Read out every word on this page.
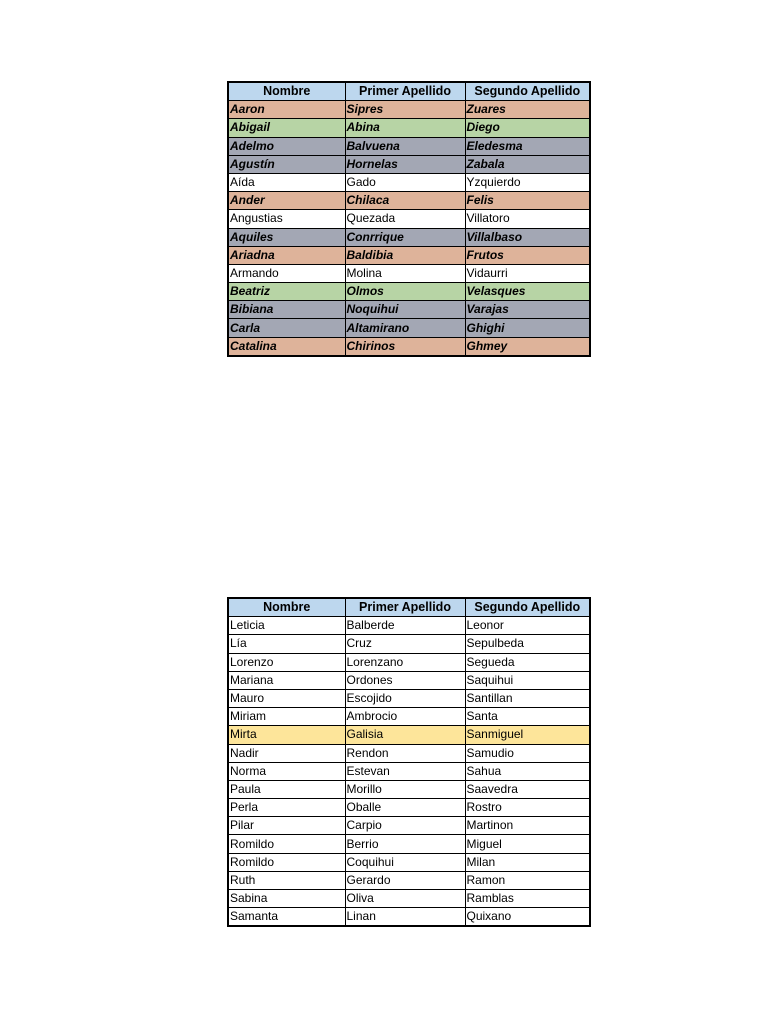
Nombre	Primer Apellido	Segundo Apellido
Aaron	Sipres	Zuares
Abigail	Abina	Diego
Adelmo	Balvuena	Eledesma
Agustín	Hornelas	Zabala
Aída	Gado	Yzquierdo
Ander	Chilaca	Felis
Angustias	Quezada	Villatoro
Aquiles	Conrrique	Villalbaso
Ariadna	Baldibia	Frutos
Armando	Molina	Vidaurri
Beatriz	Olmos	Velasques
Bibiana	Noquihui	Varajas
Carla	Altamirano	Ghighi
Catalina	Chirinos	Ghmey
Nombre	Primer Apellido	Segundo Apellido
Leticia	Balberde	Leonor
Lía	Cruz	Sepulbeda
Lorenzo	Lorenzano	Segueda
Mariana	Ordones	Saquihui
Mauro	Escojido	Santillan
Miriam	Ambrocio	Santa
Mirta	Galisia	Sanmiguel
Nadir	Rendon	Samudio
Norma	Estevan	Sahua
Paula	Morillo	Saavedra
Perla	Oballe	Rostro
Pilar	Carpio	Martinon
Romildo	Berrio	Miguel
Romildo	Coquihui	Milan
Ruth	Gerardo	Ramon
Sabina	Oliva	Ramblas
Samanta	Linan	Quixano
